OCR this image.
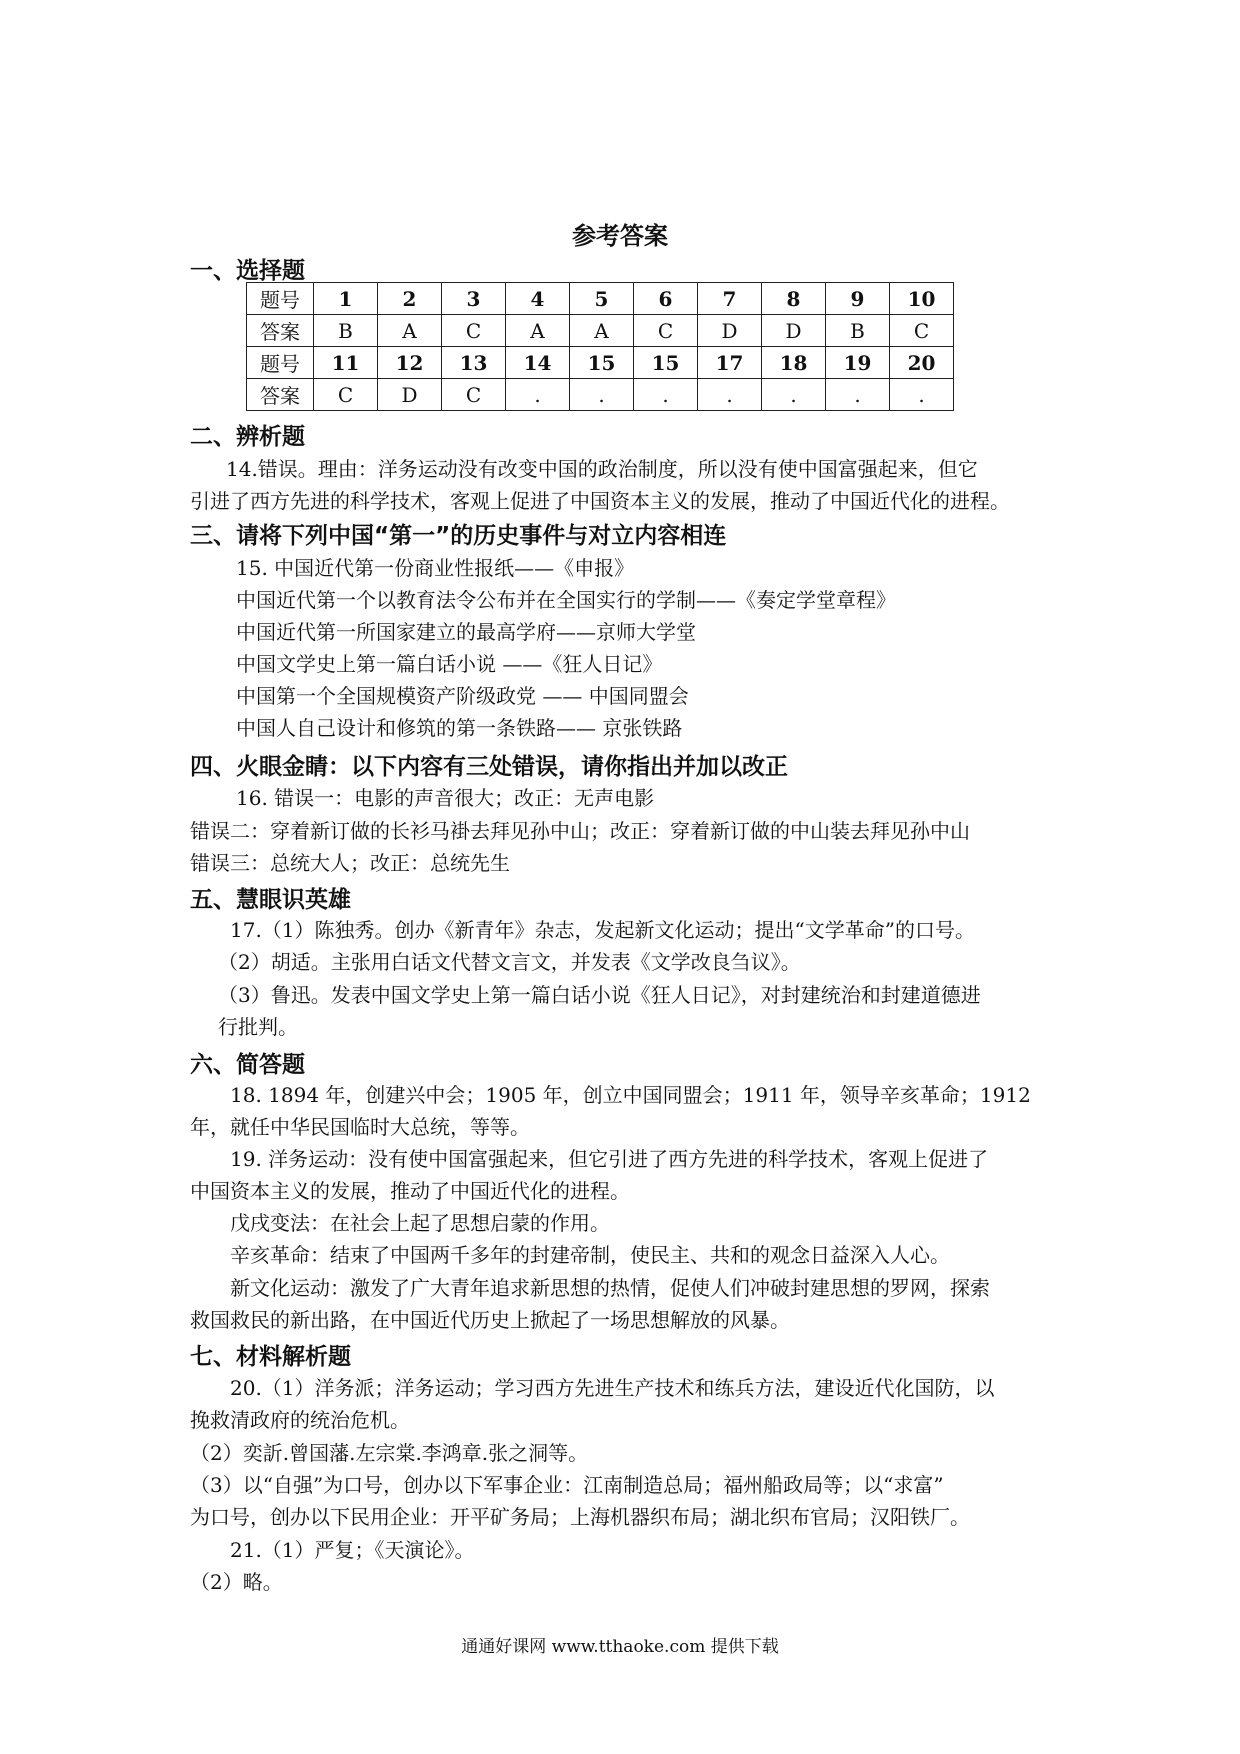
参考答案
一、选择题
题号	1	2	3	4	5	6	7	8	9	10
答案	B	A	C	A	A	C	D	D	B	C
题号	11	12	13	14	15	15	17	18	19	20
答案	C	D	C	.	.	.	.	.	.	.
二、辨析题
14.错误。理由：洋务运动没有改变中国的政治制度，所以没有使中国富强起来，但它
引进了西方先进的科学技术，客观上促进了中国资本主义的发展，推动了中国近代化的进程。
三、请将下列中国“第一”的历史事件与对立内容相连
15. 中国近代第一份商业性报纸——《申报》
中国近代第一个以教育法令公布并在全国实行的学制——《奏定学堂章程》
中国近代第一所国家建立的最高学府——京师大学堂
中国文学史上第一篇白话小说 ——《狂人日记》
中国第一个全国规模资产阶级政党 —— 中国同盟会
中国人自己设计和修筑的第一条铁路—— 京张铁路
四、火眼金睛：以下内容有三处错误，请你指出并加以改正
16. 错误一：电影的声音很大；改正：无声电影
错误二：穿着新订做的长衫马褂去拜见孙中山；改正：穿着新订做的中山装去拜见孙中山
错误三：总统大人；改正：总统先生
五、慧眼识英雄
17.（1）陈独秀。创办《新青年》杂志，发起新文化运动；提出“文学革命”的口号。
（2）胡适。主张用白话文代替文言文，并发表《文学改良刍议》。
（3）鲁迅。发表中国文学史上第一篇白话小说《狂人日记》，对封建统治和封建道德进
行批判。
六、简答题
18. 1894 年，创建兴中会；1905 年，创立中国同盟会；1911 年，领导辛亥革命；1912
年，就任中华民国临时大总统，等等。
19. 洋务运动：没有使中国富强起来，但它引进了西方先进的科学技术，客观上促进了
中国资本主义的发展，推动了中国近代化的进程。
戊戌变法：在社会上起了思想启蒙的作用。
辛亥革命：结束了中国两千多年的封建帝制，使民主、共和的观念日益深入人心。
新文化运动：激发了广大青年追求新思想的热情，促使人们冲破封建思想的罗网，探索
救国救民的新出路，在中国近代历史上掀起了一场思想解放的风暴。
七、材料解析题
20.（1）洋务派；洋务运动；学习西方先进生产技术和练兵方法，建设近代化国防，以
挽救清政府的统治危机。
（2）奕訢.曾国藩.左宗棠.李鸿章.张之洞等。
（3）以“自强”为口号，创办以下军事企业：江南制造总局；福州船政局等；以“求富”
为口号，创办以下民用企业：开平矿务局；上海机器织布局；湖北织布官局；汉阳铁厂。
21.（1）严复；《天演论》。
（2）略。
通通好课网 www.tthaoke.com 提供下载
